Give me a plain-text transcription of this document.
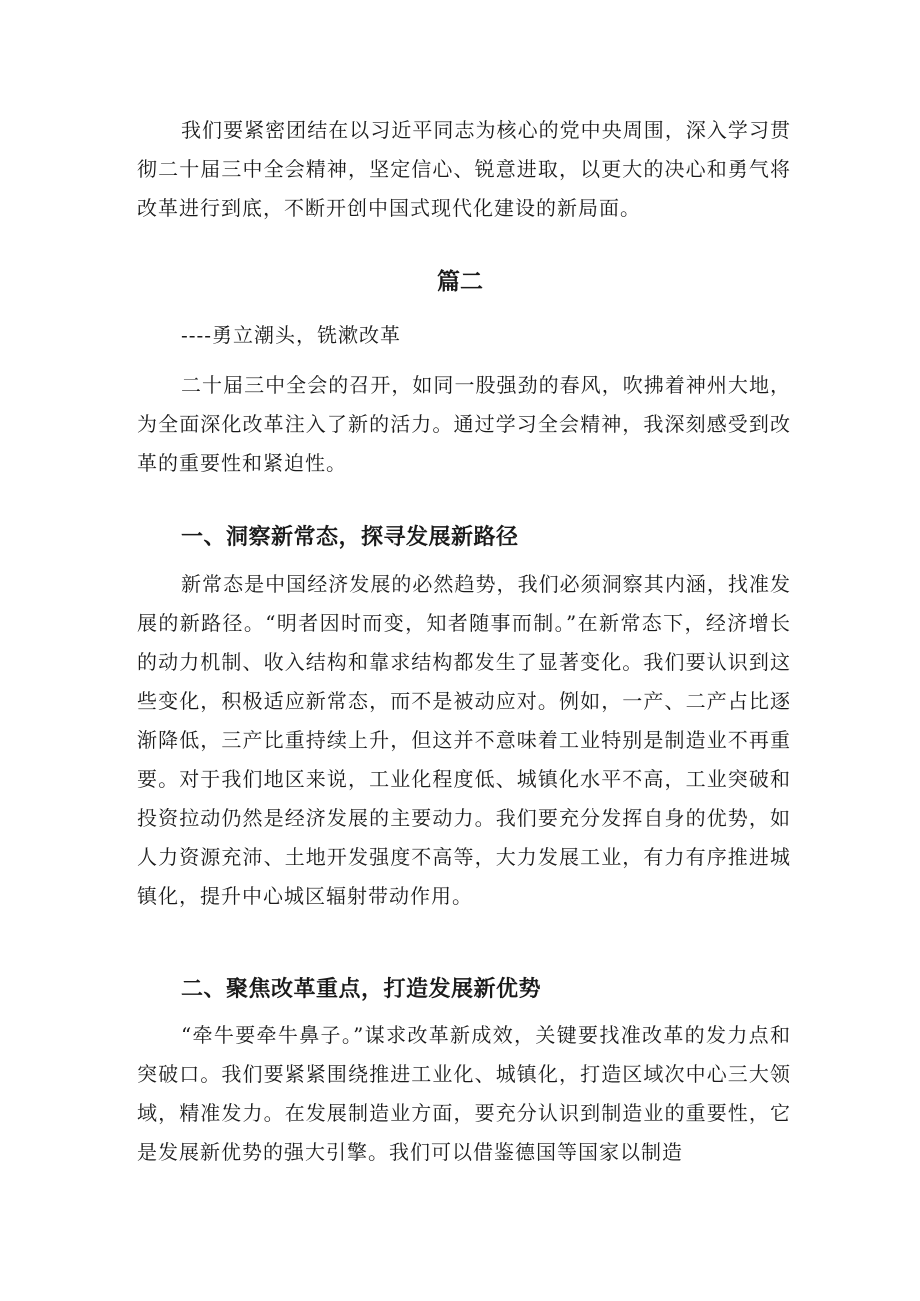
我们要紧密团结在以习近平同志为核心的党中央周围，深入学习贯彻二十届三中全会精神，坚定信心、锐意进取，以更大的决心和勇气将改革进行到底，不断开创中国式现代化建设的新局面。

篇二

----勇立潮头，铣漱改革

二十届三中全会的召开，如同一股强劲的春风，吹拂着神州大地，为全面深化改革注入了新的活力。通过学习全会精神，我深刻感受到改革的重要性和紧迫性。

一、洞察新常态，探寻发展新路径

新常态是中国经济发展的必然趋势，我们必须洞察其内涵，找准发展的新路径。“明者因时而变，知者随事而制。”在新常态下，经济增长的动力机制、收入结构和靠求结构都发生了显著变化。我们要认识到这些变化，积极适应新常态，而不是被动应对。例如，一产、二产占比逐渐降低，三产比重持续上升，但这并不意味着工业特别是制造业不再重要。对于我们地区来说，工业化程度低、城镇化水平不高，工业突破和投资拉动仍然是经济发展的主要动力。我们要充分发挥自身的优势，如人力资源充沛、土地开发强度不高等，大力发展工业，有力有序推进城镇化，提升中心城区辐射带动作用。

二、聚焦改革重点，打造发展新优势

“牵牛要牵牛鼻子。”谋求改革新成效，关键要找准改革的发力点和突破口。我们要紧紧围绕推进工业化、城镇化，打造区域次中心三大领域，精准发力。在发展制造业方面，要充分认识到制造业的重要性，它是发展新优势的强大引擎。我们可以借鉴德国等国家以制造
